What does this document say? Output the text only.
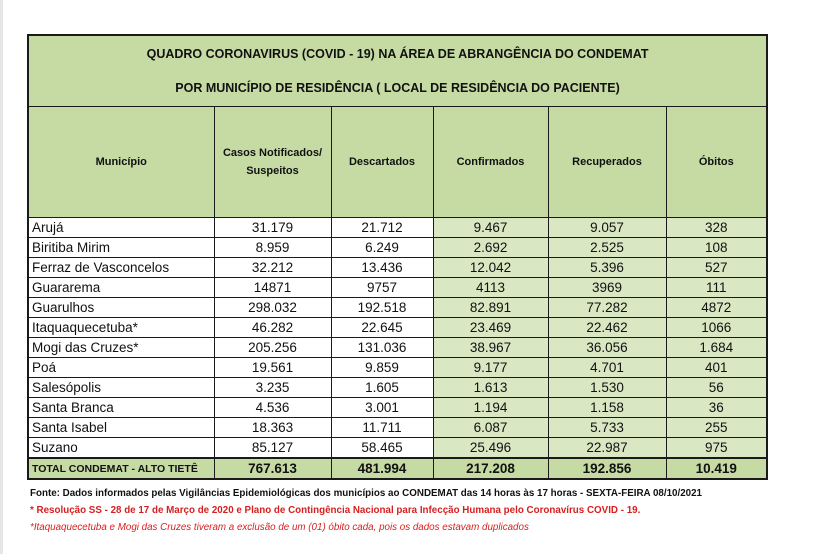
QUADRO CORONAVIRUS (COVID - 19) NA ÁREA DE ABRANGÊNCIA DO CONDEMAT
POR MUNICÍPIO DE RESIDÊNCIA ( LOCAL DE RESIDÊNCIA DO PACIENTE)					

Município	Casos Notificados/ Suspeitos	Descartados	Confirmados	Recuperados	Óbitos
Arujá	31.179	21.712	9.467	9.057	328
Biritiba Mirim	8.959	6.249	2.692	2.525	108
Ferraz de Vasconcelos	32.212	13.436	12.042	5.396	527
Guararema	14871	9757	4113	3969	111
Guarulhos	298.032	192.518	82.891	77.282	4872
Itaquaquecetuba*	46.282	22.645	23.469	22.462	1066
Mogi das Cruzes*	205.256	131.036	38.967	36.056	1.684
Poá	19.561	9.859	9.177	4.701	401
Salesópolis	3.235	1.605	1.613	1.530	56
Santa Branca	4.536	3.001	1.194	1.158	36
Santa Isabel	18.363	11.711	6.087	5.733	255
Suzano	85.127	58.465	25.496	22.987	975
TOTAL CONDEMAT - ALTO TIETÊ	767.613	481.994	217.208	192.856	10.419
Fonte: Dados informados pelas Vigilâncias Epidemiológicas dos municípios ao CONDEMAT das 14 horas às 17 horas - SEXTA-FEIRA 08/10/2021
* Resolução SS - 28 de 17 de Março de 2020 e Plano de Contingência Nacional para Infecção Humana pelo Coronavírus COVID - 19.
*Itaquaquecetuba e Mogi das Cruzes tiveram a exclusão de um (01) óbito cada, pois os dados estavam duplicados
